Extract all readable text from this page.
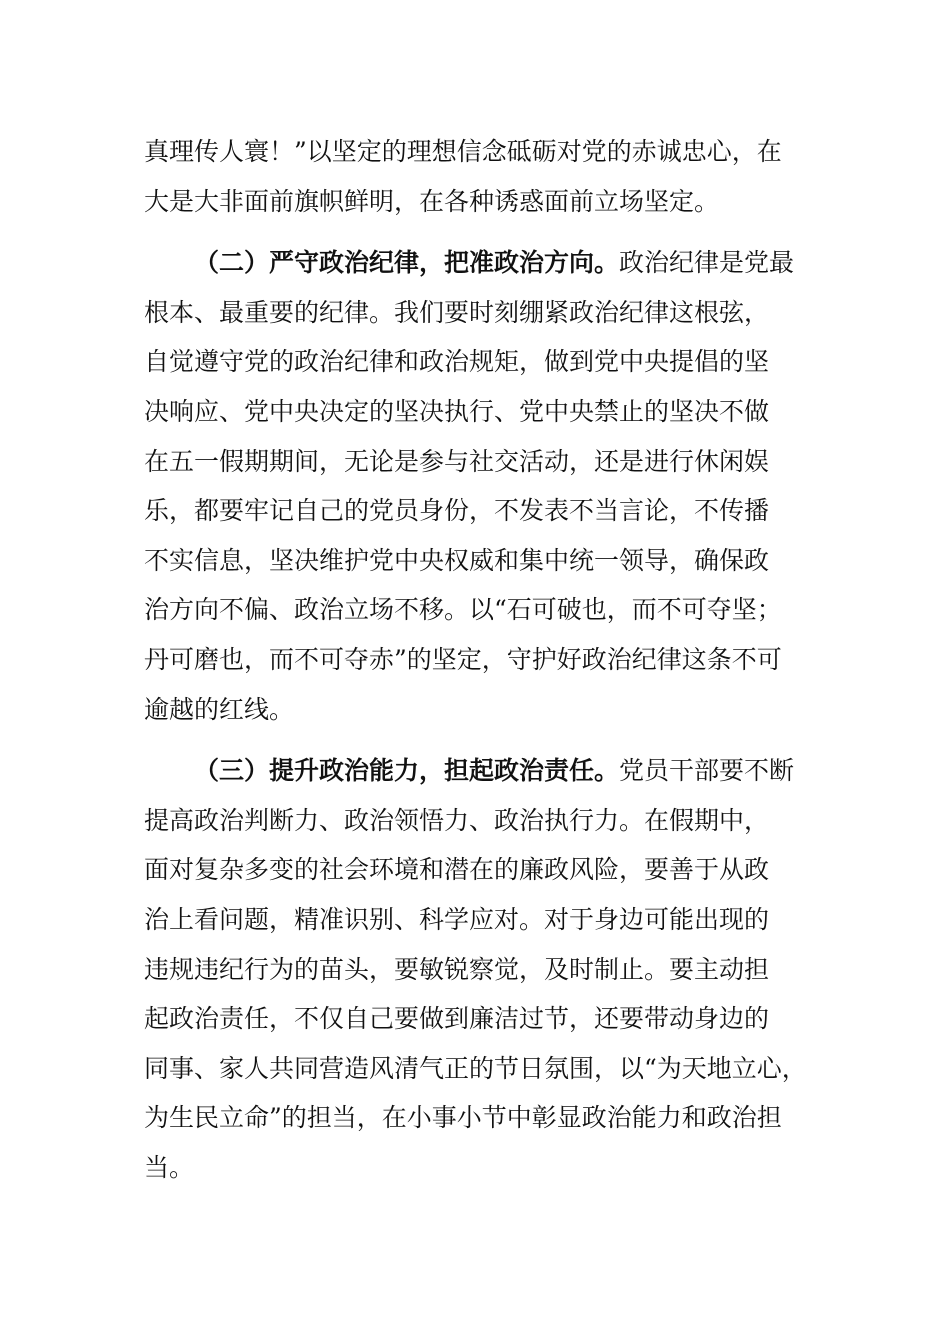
真理传人寰！”以坚定的理想信念砥砺对党的赤诚忠心，在
大是大非面前旗帜鲜明，在各种诱惑面前立场坚定。
（二）严守政治纪律，把准政治方向。政治纪律是党最
根本、最重要的纪律。我们要时刻绷紧政治纪律这根弦，
自觉遵守党的政治纪律和政治规矩，做到党中央提倡的坚
决响应、党中央决定的坚决执行、党中央禁止的坚决不做
在五一假期期间，无论是参与社交活动，还是进行休闲娱
乐，都要牢记自己的党员身份，不发表不当言论，不传播
不实信息，坚决维护党中央权威和集中统一领导，确保政
治方向不偏、政治立场不移。以“石可破也，而不可夺坚；
丹可磨也，而不可夺赤”的坚定，守护好政治纪律这条不可
逾越的红线。
（三）提升政治能力，担起政治责任。党员干部要不断
提高政治判断力、政治领悟力、政治执行力。在假期中，
面对复杂多变的社会环境和潜在的廉政风险，要善于从政
治上看问题，精准识别、科学应对。对于身边可能出现的
违规违纪行为的苗头，要敏锐察觉，及时制止。要主动担
起政治责任，不仅自己要做到廉洁过节，还要带动身边的
同事、家人共同营造风清气正的节日氛围，以“为天地立心，
为生民立命”的担当，在小事小节中彰显政治能力和政治担
当。
